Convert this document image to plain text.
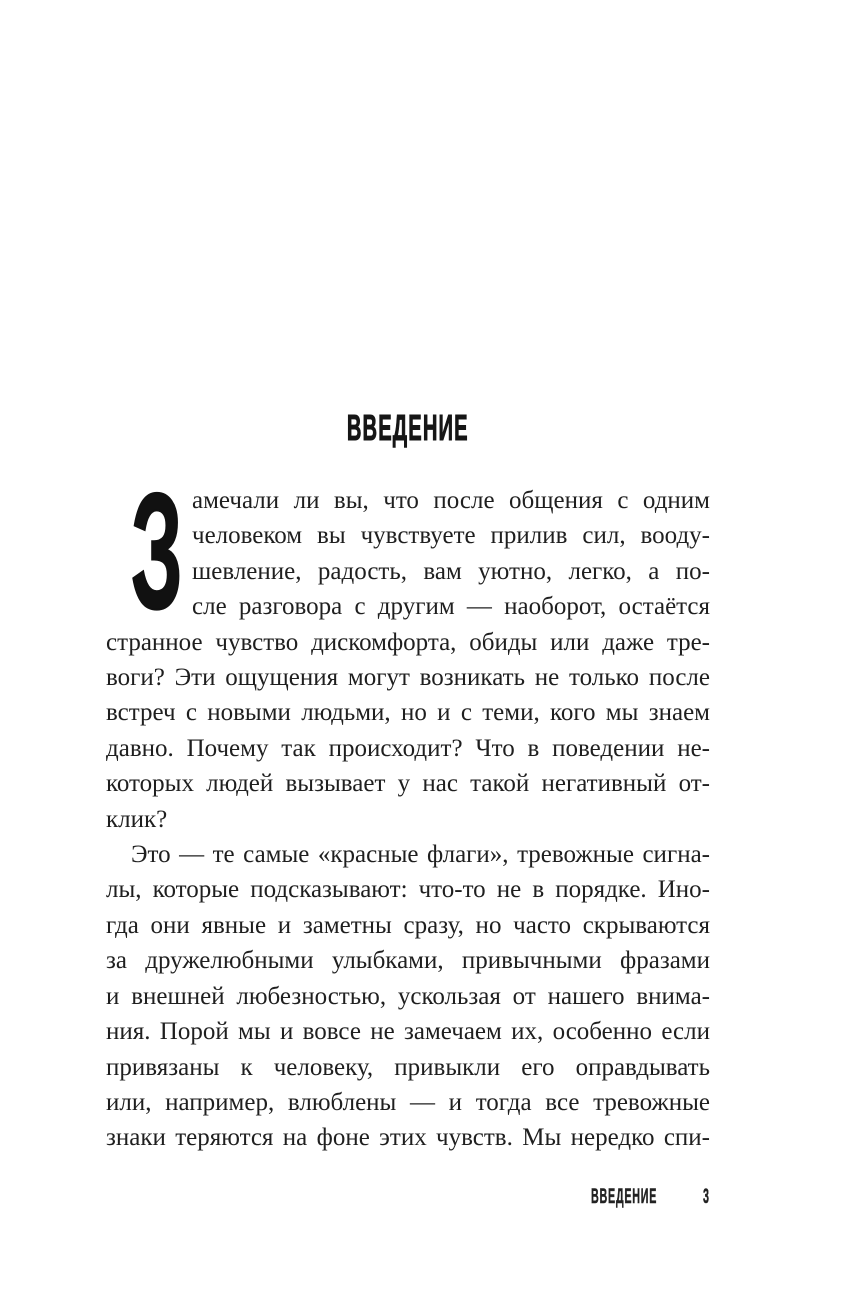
ВВЕДЕНИЕ
З амечали ли вы, что после общения с одним
человеком вы чувствуете прилив сил, вооду-
шевление, радость, вам уютно, легко, а по-
сле разговора с другим — наоборот, остаётся
странное чувство дискомфорта, обиды или даже тре-
воги? Эти ощущения могут возникать не только после
встреч с новыми людьми, но и с теми, кого мы знаем
давно. Почему так происходит? Что в поведении не-
которых людей вызывает у нас такой негативный от-
клик?
Это — те самые «красные флаги», тревожные сигна-
лы, которые подсказывают: что-то не в порядке. Ино-
гда они явные и заметны сразу, но часто скрываются
за дружелюбными улыбками, привычными фразами
и внешней любезностью, ускользая от нашего внима-
ния. Порой мы и вовсе не замечаем их, особенно если
привязаны к человеку, привыкли его оправдывать
или, например, влюблены — и тогда все тревожные
знаки теряются на фоне этих чувств. Мы нередко спи-
ВВЕДЕНИЕ 3
